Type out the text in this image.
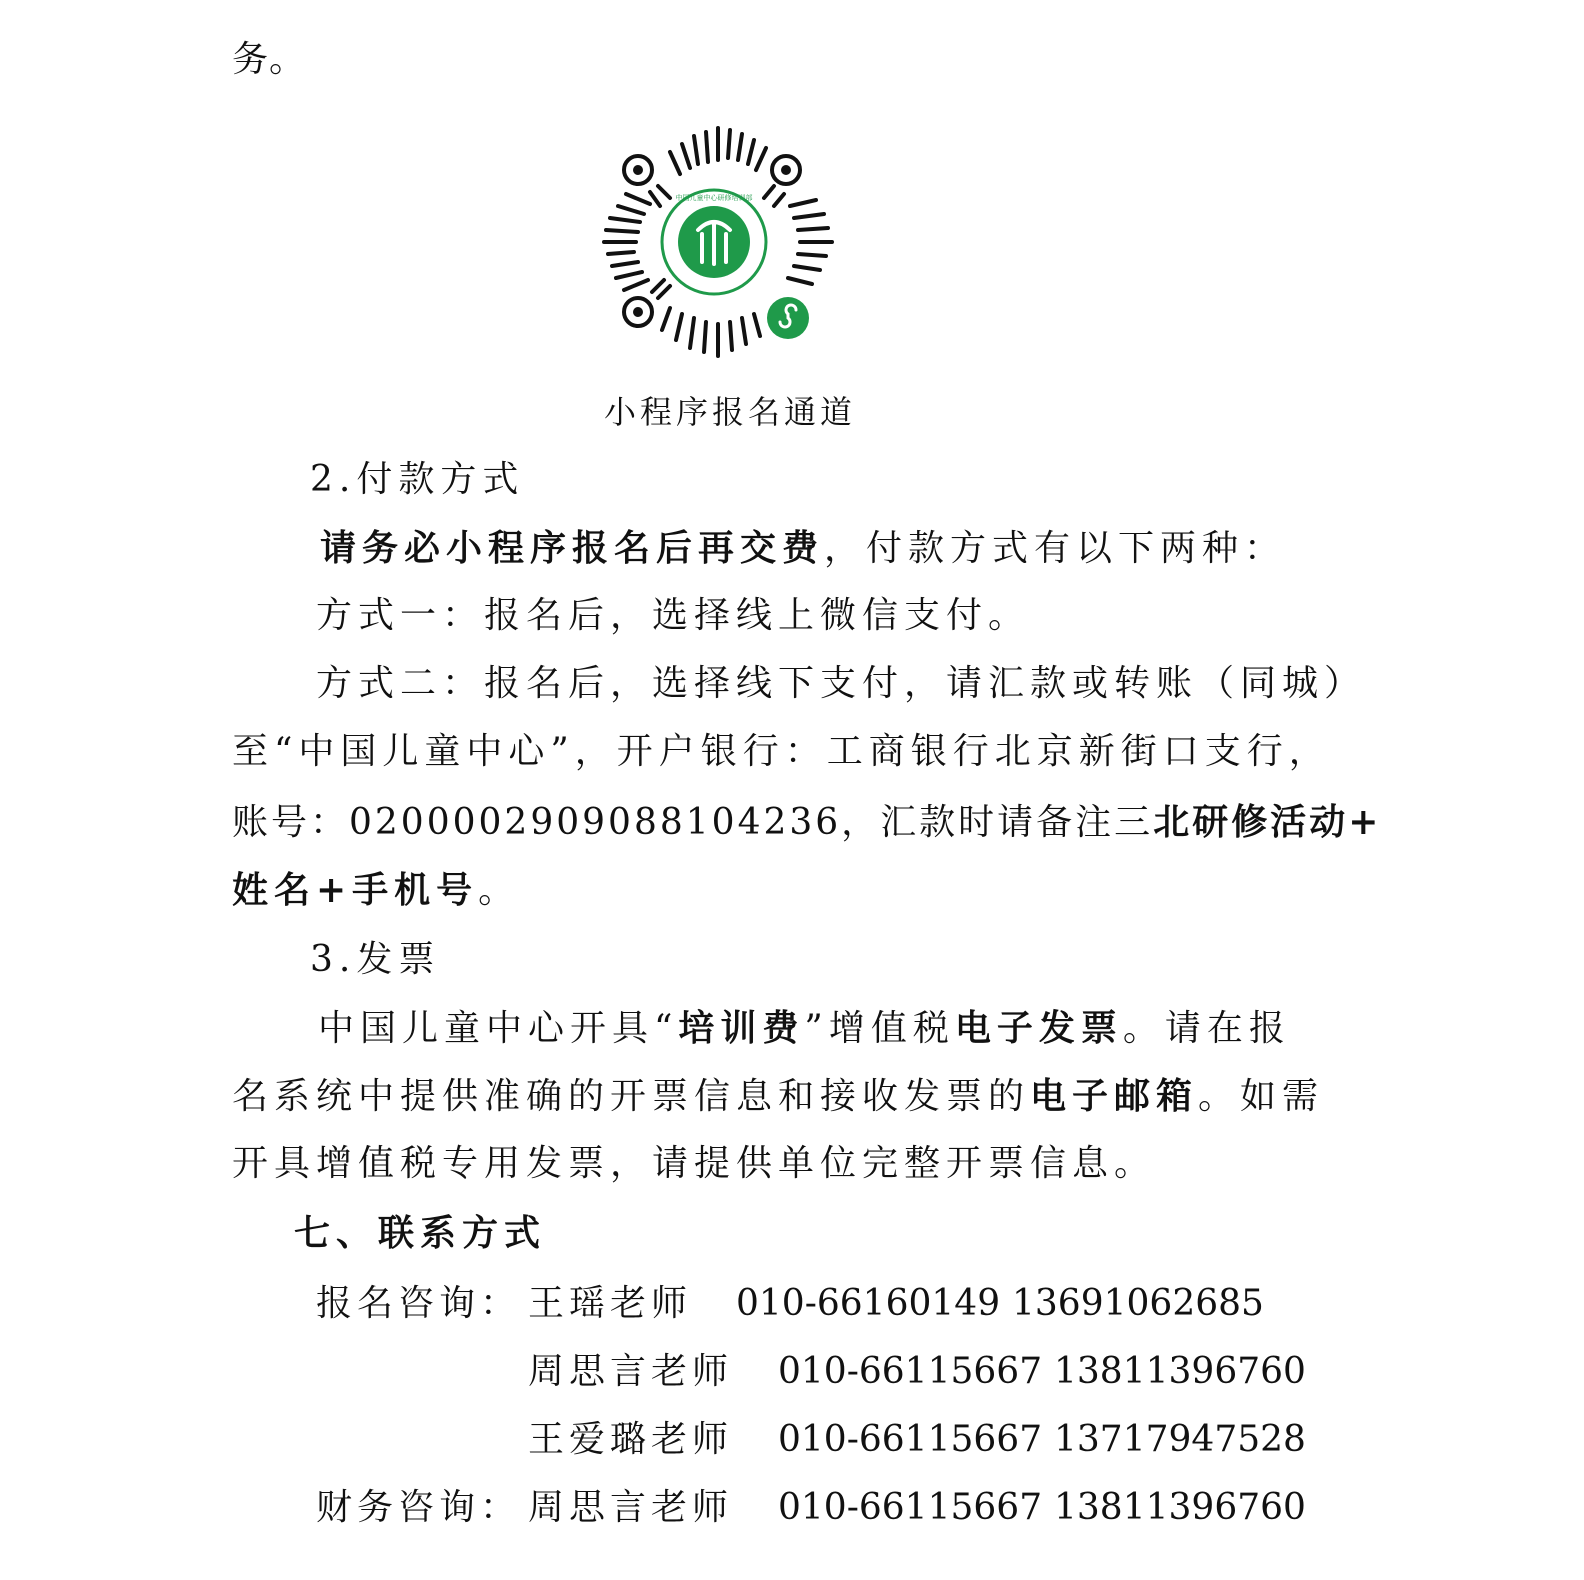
务。
中国儿童中心研修培训部
小程序报名通道
2.付款方式
请务必小程序报名后再交费，付款方式有以下两种：
方式一：报名后，选择线上微信支付。
方式二：报名后，选择线下支付，请汇款或转账（同城）
至“中国儿童中心”，开户银行：工商银行北京新街口支行，
账号：0200002909088104236，汇款时请备注三北研修活动+
姓名+手机号。
3.发票
中国儿童中心开具“培训费”增值税电子发票。请在报
名系统中提供准确的开票信息和接收发票的电子邮箱。如需
开具增值税专用发票，请提供单位完整开票信息。
七、联系方式
报名咨询： 王瑶老师 010-66160149 13691062685
周思言老师 010-66115667 13811396760
王爱璐老师 010-66115667 13717947528
财务咨询： 周思言老师 010-66115667 13811396760
